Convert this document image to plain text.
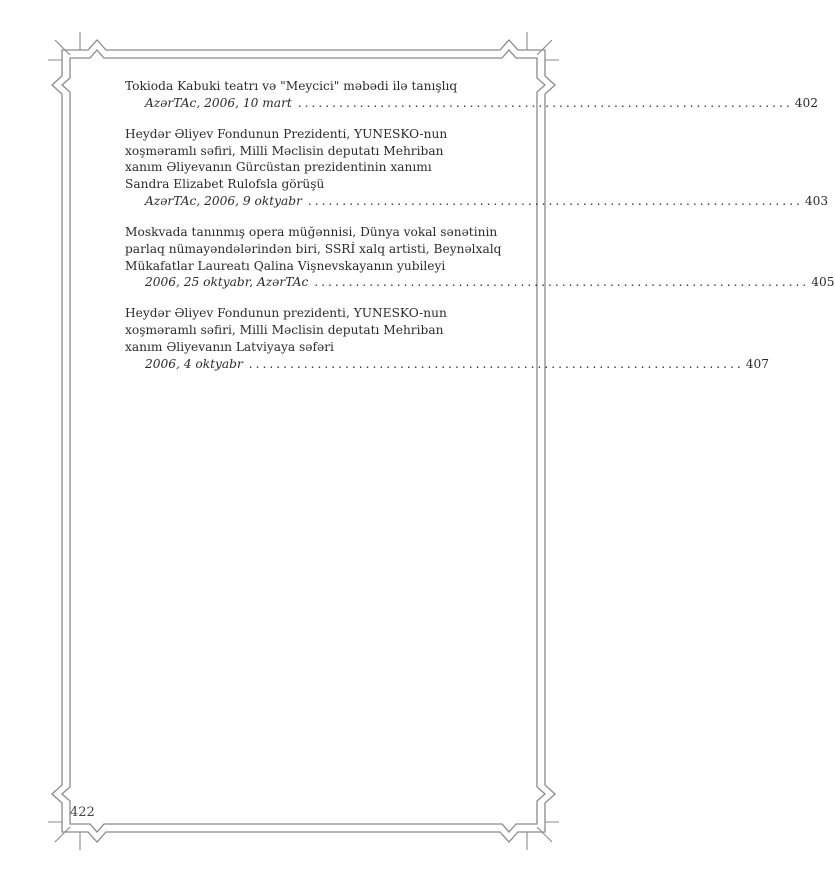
Tokioda Kabuki teatrı və "Meycici" məbədi ilə tanışlıq

AzərTAc, 2006, 10 mart ........................................................................ 402

Heydər Əliyev Fondunun Prezidenti, YUNESKO-nun
xoşməramlı səfiri, Milli Məclisin deputatı Mehriban
xanım Əliyevanın Gürcüstan prezidentinin xanımı
Sandra Elizabet Rulofsla görüşü

AzərTAc, 2006, 9 oktyabr ........................................................................ 403

Moskvada tanınmış opera müğənnisi, Dünya vokal sənətinin
parlaq nümayəndələrindən biri, SSRİ xalq artisti, Beynəlxalq
Mükafatlar Laureatı Qalina Vişnevskayanın yubileyi

2006, 25 oktyabr, AzərTAc ........................................................................ 405

Heydər Əliyev Fondunun prezidenti, YUNESKO-nun
xoşməramlı səfiri, Milli Məclisin deputatı Mehriban
xanım Əliyevanın Latviyaya səfəri

2006, 4 oktyabr ........................................................................ 407
422
